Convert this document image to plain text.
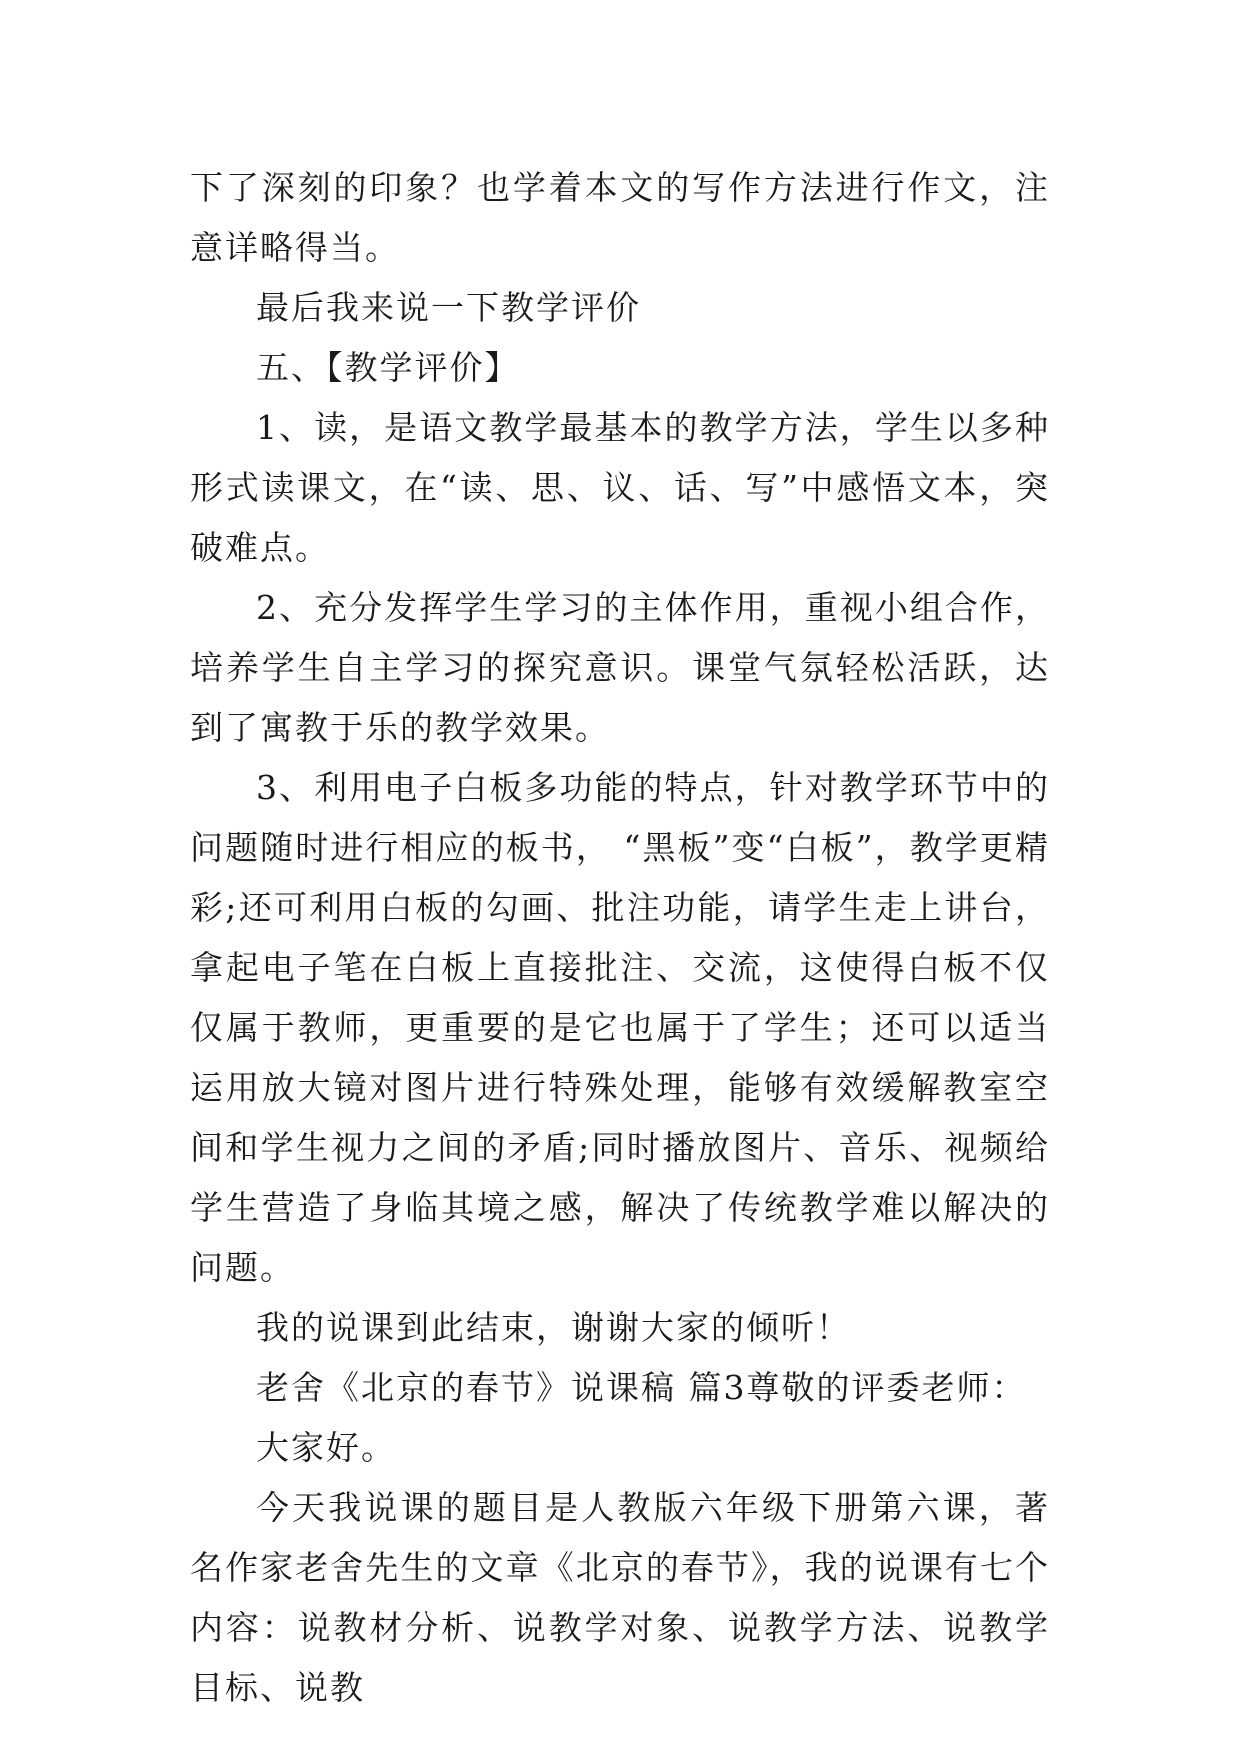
下了深刻的印象？也学着本文的写作方法进行作文，注意详略得当。

最后我来说一下教学评价

五、【教学评价】

1、读，是语文教学最基本的教学方法，学生以多种形式读课文，在“读、思、议、话、写”中感悟文本，突破难点。

2、充分发挥学生学习的主体作用，重视小组合作，培养学生自主学习的探究意识。课堂气氛轻松活跃，达到了寓教于乐的教学效果。

3、利用电子白板多功能的特点，针对教学环节中的问题随时进行相应的板书， “黑板”变“白板”，教学更精彩;还可利用白板的勾画、批注功能，请学生走上讲台，拿起电子笔在白板上直接批注、交流，这使得白板不仅仅属于教师，更重要的是它也属于了学生；还可以适当运用放大镜对图片进行特殊处理，能够有效缓解教室空间和学生视力之间的矛盾;同时播放图片、音乐、视频给学生营造了身临其境之感，解决了传统教学难以解决的问题。

我的说课到此结束，谢谢大家的倾听！

老舍《北京的春节》说课稿 篇3尊敬的评委老师：

大家好。

今天我说课的题目是人教版六年级下册第六课，著名作家老舍先生的文章《北京的春节》，我的说课有七个内容：说教材分析、说教学对象、说教学方法、说教学目标、说教
